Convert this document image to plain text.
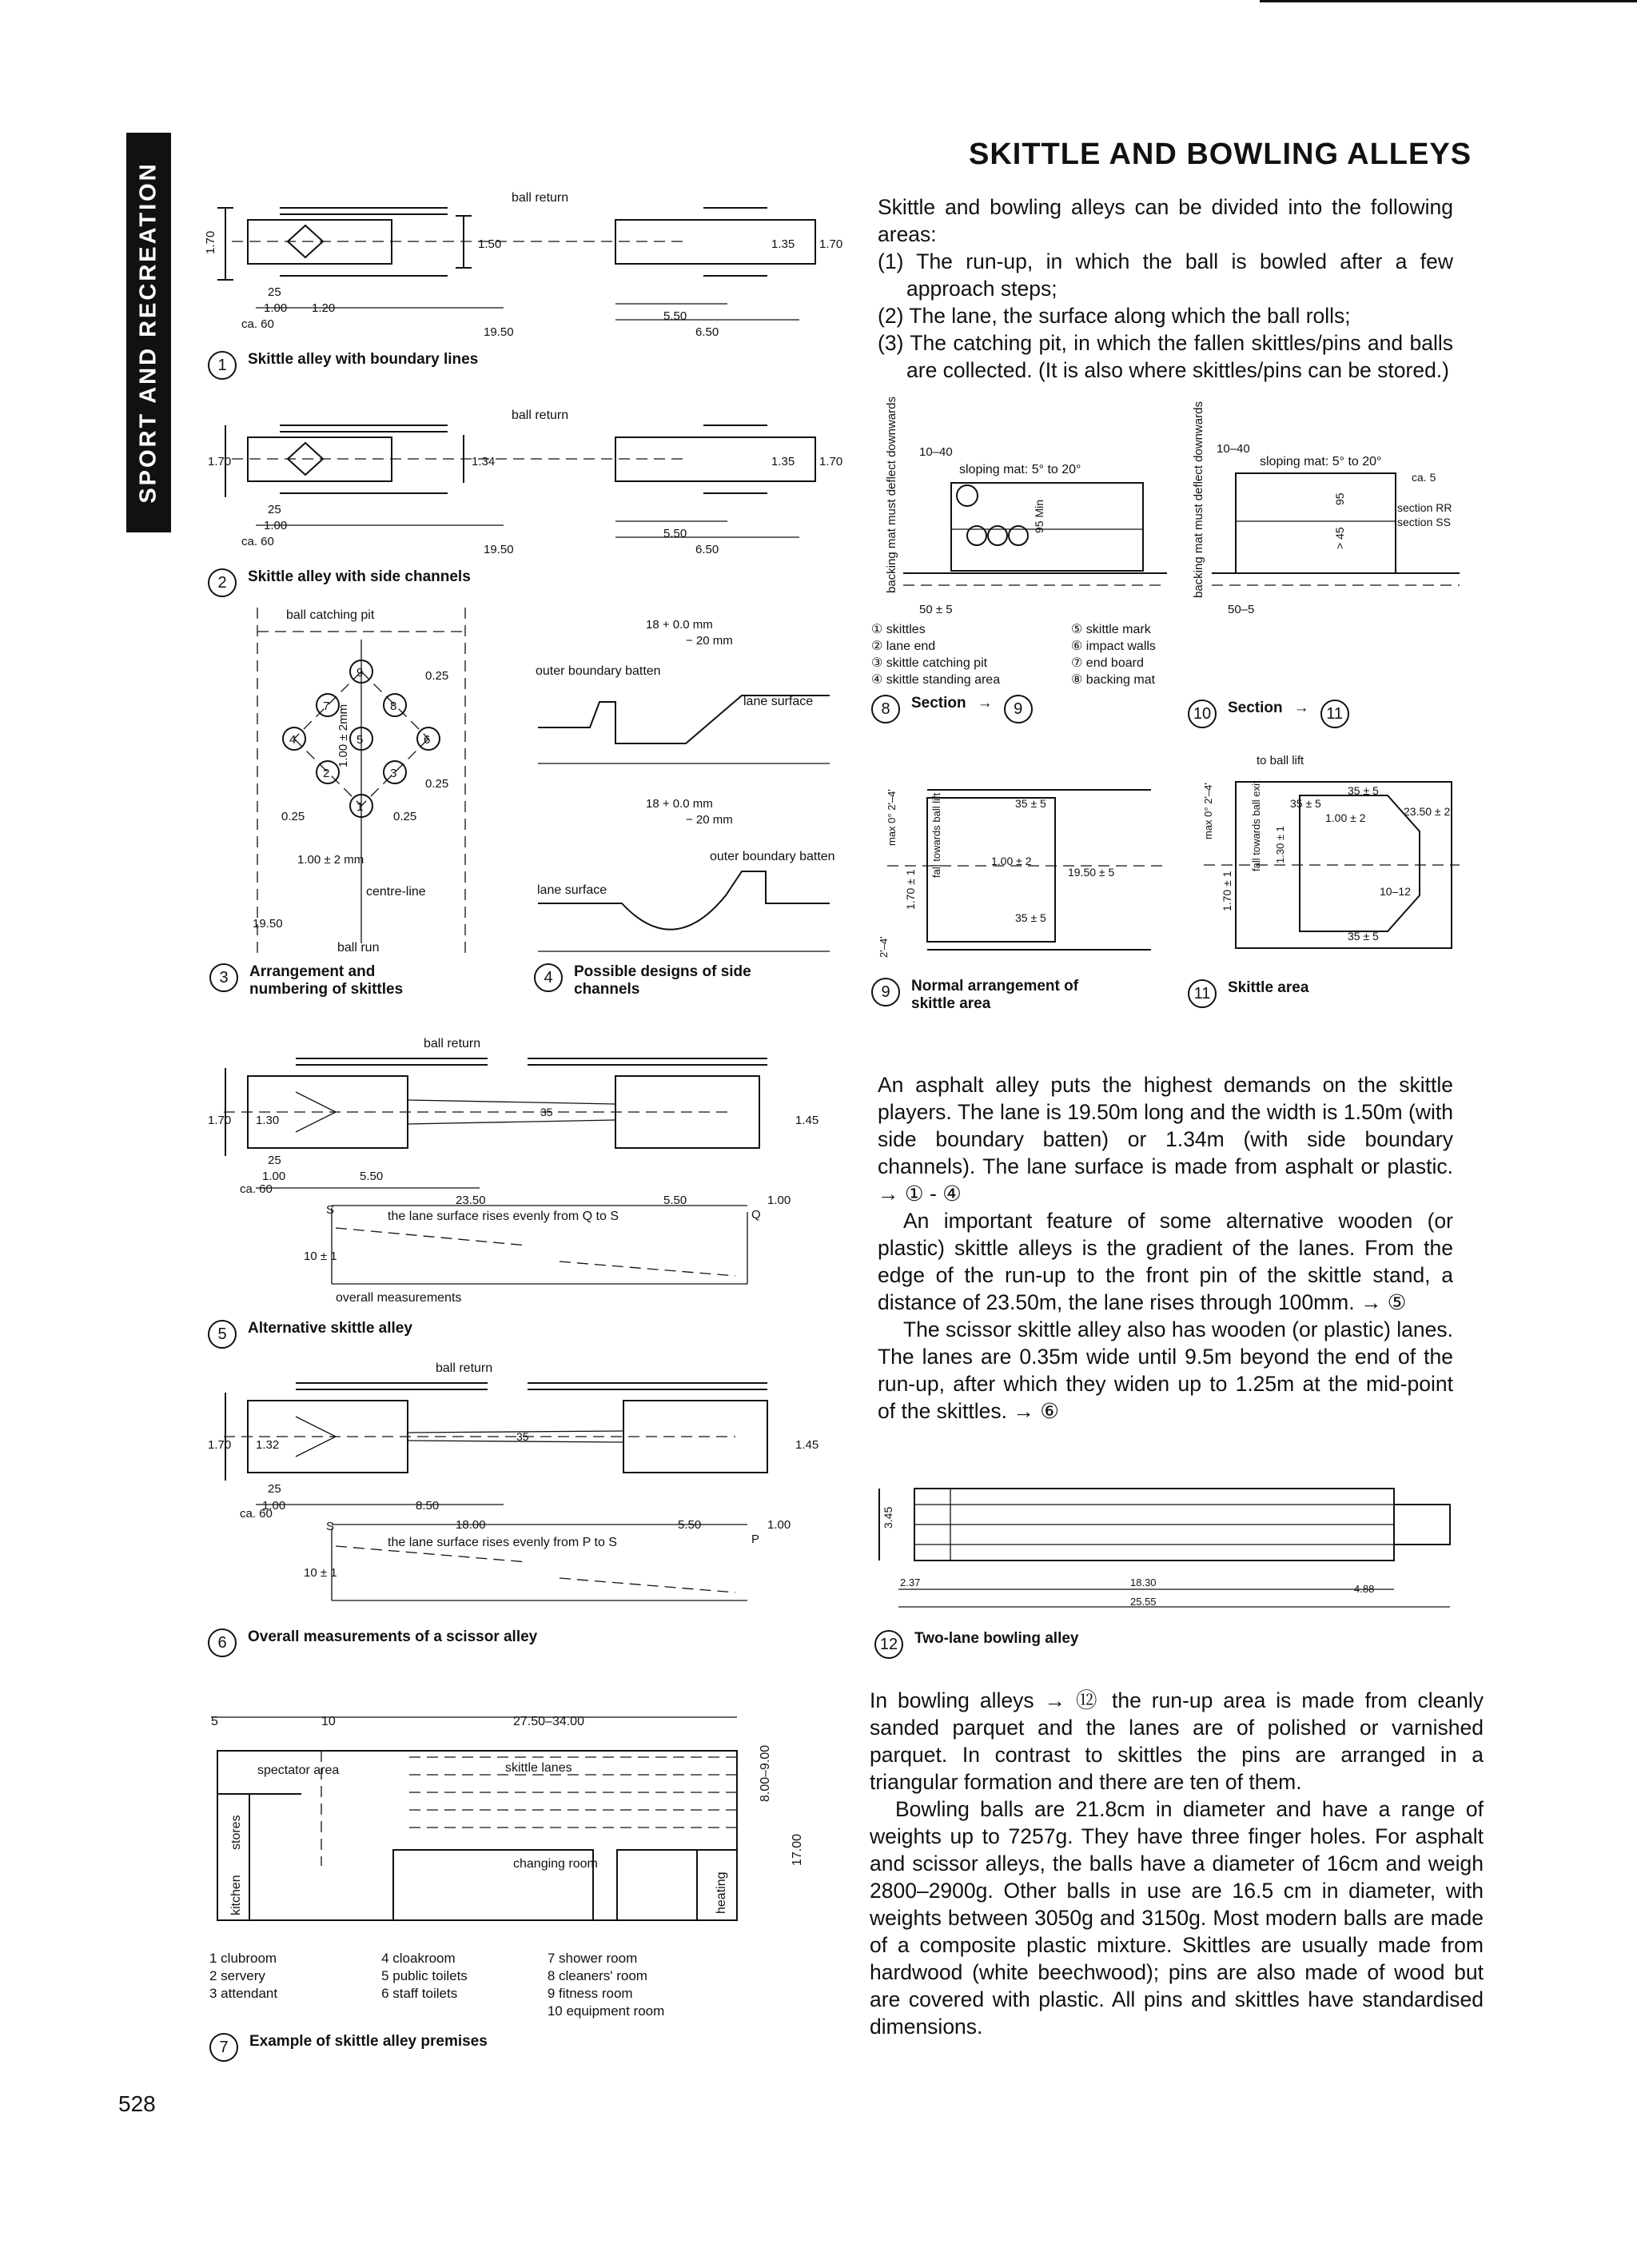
SPORT AND RECREATION
SKITTLE AND BOWLING ALLEYS

Skittle and bowling alleys can be divided into the following areas:

(1) The run-up, in which the ball is bowled after a few approach steps;

(2) The lane, the surface along which the ball rolls;

(3) The catching pit, in which the fallen skittles/pins and balls are collected. (It is also where skittles/pins can be stored.)

ball return
1.70	1.50
25
1.00 1.20
ca. 60
19.50
5.50
6.50
1.35 1.70
1	Skittle alley with boundary lines
ball return
1.70	1.34
25
1.00
ca. 60
19.50
5.50
6.50
1.35 1.70
2	Skittle alley with side channels
ball catching pit
centre-line
ball run
0.25	0.25
1.00 ± 2mm
1.00 ± 2 mm
19.50
0.25
0.25
9
7	8
4	5	6
2	3
1
3	Arrangement and numbering of skittles
18 + 0.0 mm
− 20 mm
outer boundary batten
lane surface
18 + 0.0 mm
− 20 mm
outer boundary batten
lane surface
4	Possible designs of side channels
ball return
1.70 1.30
25
1.00	5.50
ca. 60
23.50	5.50	1.00
1.45
35
10 ± 1
the lane surface rises evenly from Q to S
overall measurements
S	Q
5	Alternative skittle alley
ball return
1.70 1.32
25
1.00	8.50
ca. 60
18.00	5.50	1.00
1.45
35
10 ± 1
the lane surface rises evenly from P to S
S
P
6	Overall measurements of a scissor alley
5	10	27.50–34.00
spectator area	skittle lanes
stores
kitchen
changing room
heating
8.00–9.00
17.00
1 clubroom
2 servery
3 attendant
4 cloakroom
5 public toilets
6 staff toilets
7 shower room
8 cleaners' room
9 fitness room
10 equipment room
7	Example of skittle alley premises
10–40
sloping mat: 5° to 20°
backing mat must deflect downwards	95 Min
50 ± 5
① skittles	⑤ skittle mark
② lane end	⑥ impact walls
③ skittle catching pit	⑦ end board
④ skittle standing area	⑧ backing mat
8	Section →	9
10–40
sloping mat: 5° to 20°
ca. 5
section RR
section SS
backing mat must deflect downwards	95
> 45
50–5
10	Section →	11
max 0° 2'–4'
1.70 ± 1
fall towards ball lift	35 ± 5
1.00 ± 2
19.50 ± 5
35 ± 5
2'–4'
9	Normal arrangement of skittle area
to ball lift
fall towards ball exit
max 0° 2'–4'
1.70 ± 1
1.30 ± 1
35 ± 5
1.00 ± 2	23.50 ± 2
10–12
35 ± 5
35 ± 5
11	Skittle area

An asphalt alley puts the highest demands on the skittle players. The lane is 19.50m long and the width is 1.50m (with side boundary batten) or 1.34m (with side boundary channels). The lane surface is made from asphalt or plastic. → ① - ④

An important feature of some alternative wooden (or plastic) skittle alleys is the gradient of the lanes. From the edge of the run-up to the front pin of the skittle stand, a distance of 23.50m, the lane rises through 100mm. → ⑤

The scissor skittle alley also has wooden (or plastic) lanes. The lanes are 0.35m wide until 9.5m beyond the end of the run-up, after which they widen up to 1.25m at the mid-point of the skittles. → ⑥

3.45
2.37	18.30
25.55
4.88
12	Two-lane bowling alley

In bowling alleys → ⑫ the run-up area is made from cleanly sanded parquet and the lanes are of polished or varnished parquet. In contrast to skittles the pins are arranged in a triangular formation and there are ten of them.

Bowling balls are 21.8cm in diameter and have a range of weights up to 7257g. They have three finger holes. For asphalt and scissor alleys, the balls have a diameter of 16cm and weigh 2800–2900g. Other balls in use are 16.5 cm in diameter, with weights between 3050g and 3150g. Most modern balls are made of a composite plastic mixture. Skittles are usually made from hardwood (white beechwood); pins are also made of wood but are covered with plastic. All pins and skittles have standardised dimensions.

528
